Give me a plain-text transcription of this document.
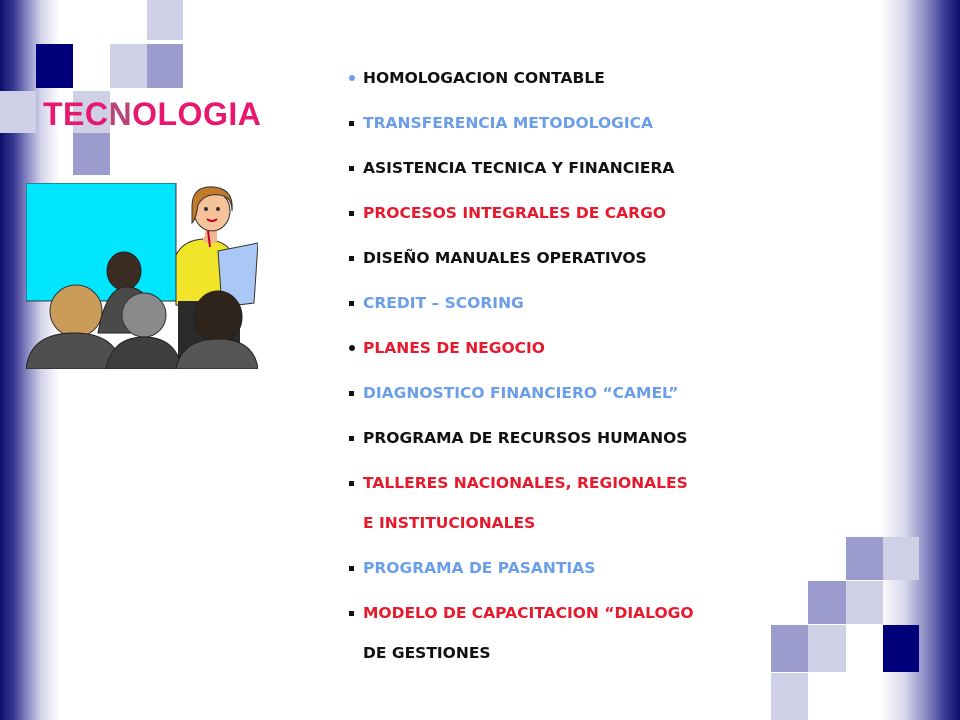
TECNOLOGIA
HOMOLOGACION CONTABLE
TRANSFERENCIA METODOLOGICA
ASISTENCIA TECNICA Y FINANCIERA
PROCESOS INTEGRALES DE CARGO
DISEÑO MANUALES OPERATIVOS
CREDIT – SCORING
PLANES DE NEGOCIO
DIAGNOSTICO FINANCIERO “CAMEL”
PROGRAMA DE RECURSOS HUMANOS
TALLERES NACIONALES, REGIONALES
E INSTITUCIONALES
PROGRAMA DE PASANTIAS
MODELO DE CAPACITACION “DIALOGO
DE GESTIONES
